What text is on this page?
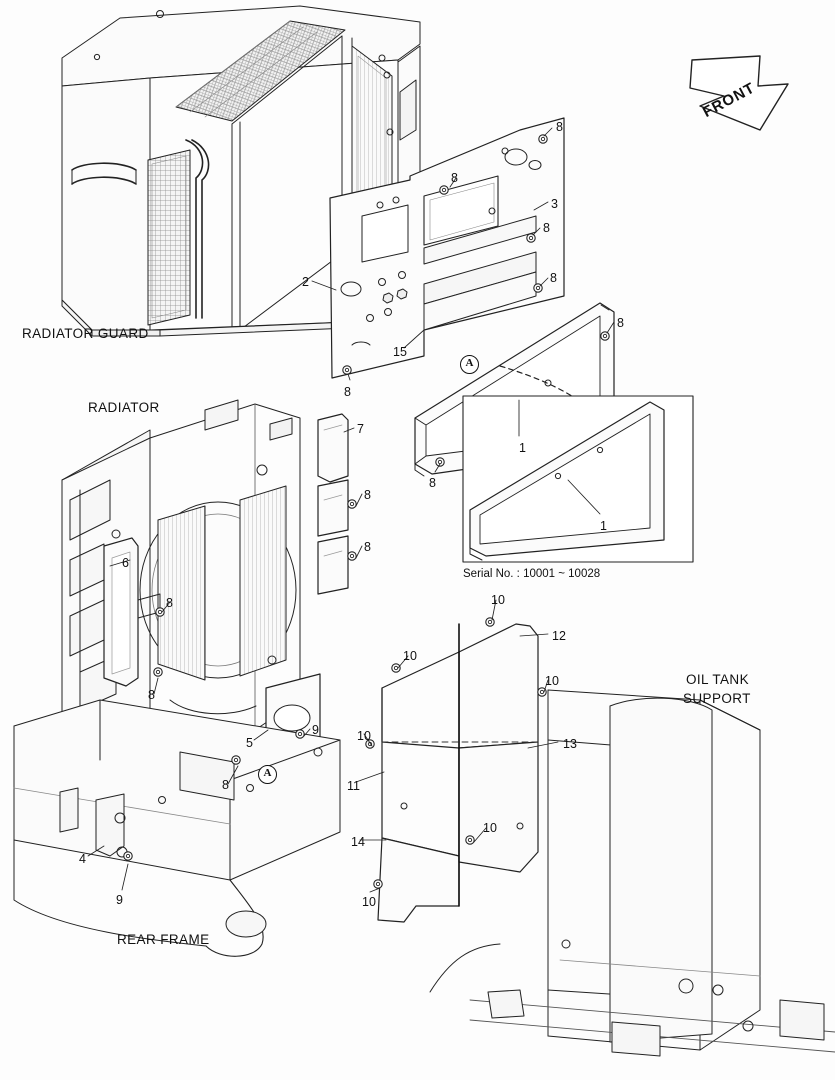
RADIATOR GUARD
RADIATOR
REAR FRAME
OIL TANK
SUPPORT
Serial No. : 10001 ~ 10028
FRONT
A
A
8
8
3
8
8
2
8
15
8
1
8
1
7
8
8
6
8
8
9
5
8
4
9
10
12
10
10
10
13
11
10
14
10
